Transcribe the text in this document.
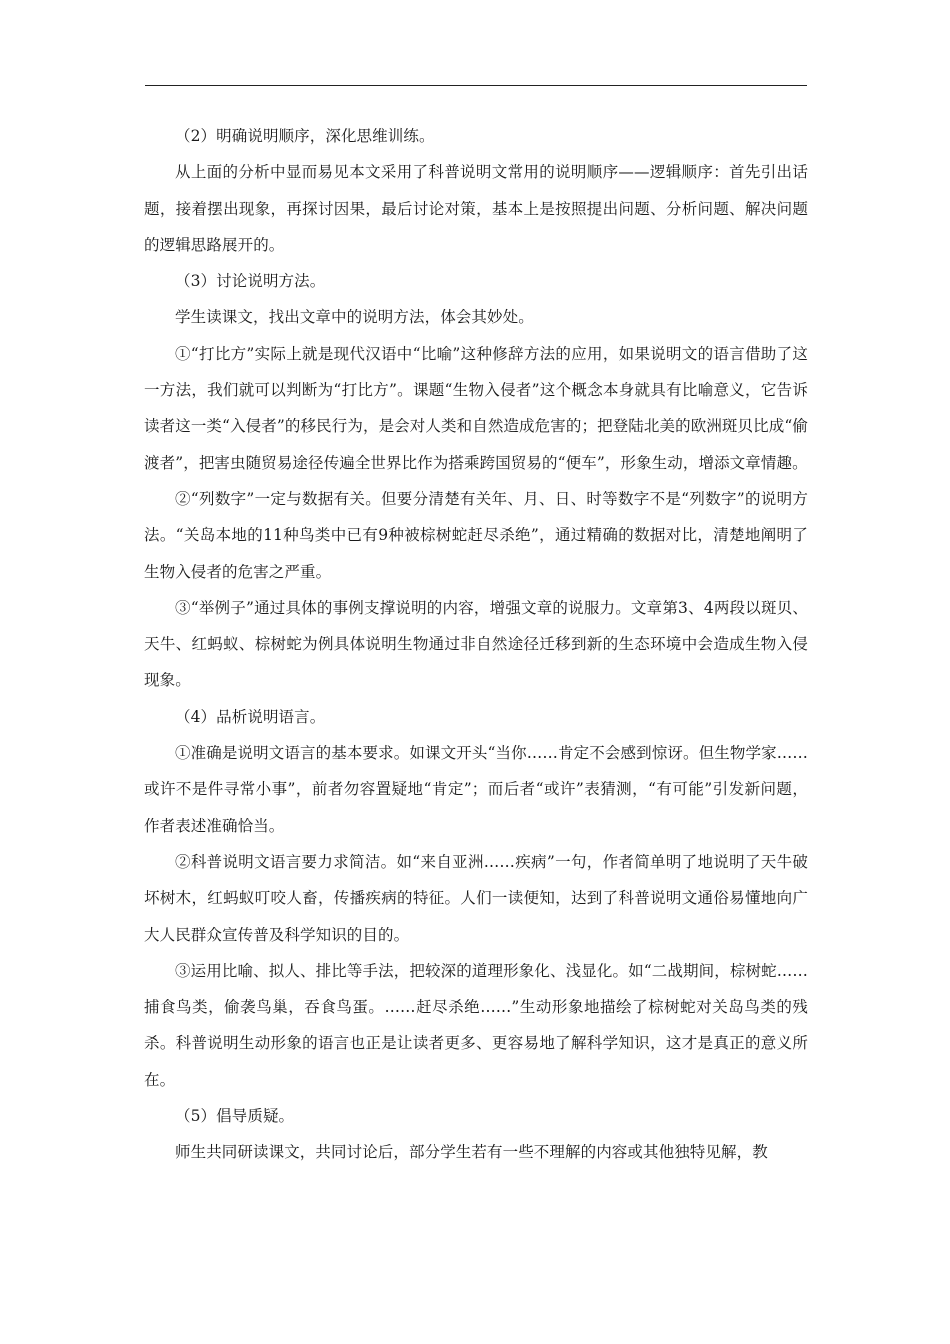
（2）明确说明顺序，深化思维训练。

从上面的分析中显而易见本文采用了科普说明文常用的说明顺序——逻辑顺序：首先引出话题，接着摆出现象，再探讨因果，最后讨论对策，基本上是按照提出问题、分析问题、解决问题的逻辑思路展开的。

（3）讨论说明方法。

学生读课文，找出文章中的说明方法，体会其妙处。

①“打比方”实际上就是现代汉语中“比喻”这种修辞方法的应用，如果说明文的语言借助了这一方法，我们就可以判断为“打比方”。课题“生物入侵者”这个概念本身就具有比喻意义，它告诉读者这一类“入侵者”的移民行为，是会对人类和自然造成危害的；把登陆北美的欧洲斑贝比成“偷渡者”，把害虫随贸易途径传遍全世界比作为搭乘跨国贸易的“便车”，形象生动，增添文章情趣。

②“列数字”一定与数据有关。但要分清楚有关年、月、日、时等数字不是“列数字”的说明方法。“关岛本地的11种鸟类中已有9种被棕树蛇赶尽杀绝”，通过精确的数据对比，清楚地阐明了生物入侵者的危害之严重。

③“举例子”通过具体的事例支撑说明的内容，增强文章的说服力。文章第3、4两段以斑贝、天牛、红蚂蚁、棕树蛇为例具体说明生物通过非自然途径迁移到新的生态环境中会造成生物入侵现象。

（4）品析说明语言。

①准确是说明文语言的基本要求。如课文开头“当你……肯定不会感到惊讶。但生物学家……或许不是件寻常小事”，前者勿容置疑地“肯定”；而后者“或许”表猜测，“有可能”引发新问题，作者表述准确恰当。

②科普说明文语言要力求简洁。如“来自亚洲……疾病”一句，作者简单明了地说明了天牛破坏树木，红蚂蚁叮咬人畜，传播疾病的特征。人们一读便知，达到了科普说明文通俗易懂地向广大人民群众宣传普及科学知识的目的。

③运用比喻、拟人、排比等手法，把较深的道理形象化、浅显化。如“二战期间，棕树蛇……捕食鸟类，偷袭鸟巢，吞食鸟蛋。……赶尽杀绝……”生动形象地描绘了棕树蛇对关岛鸟类的残杀。科普说明生动形象的语言也正是让读者更多、更容易地了解科学知识，这才是真正的意义所在。

（5）倡导质疑。

师生共同研读课文，共同讨论后，部分学生若有一些不理解的内容或其他独特见解，教
